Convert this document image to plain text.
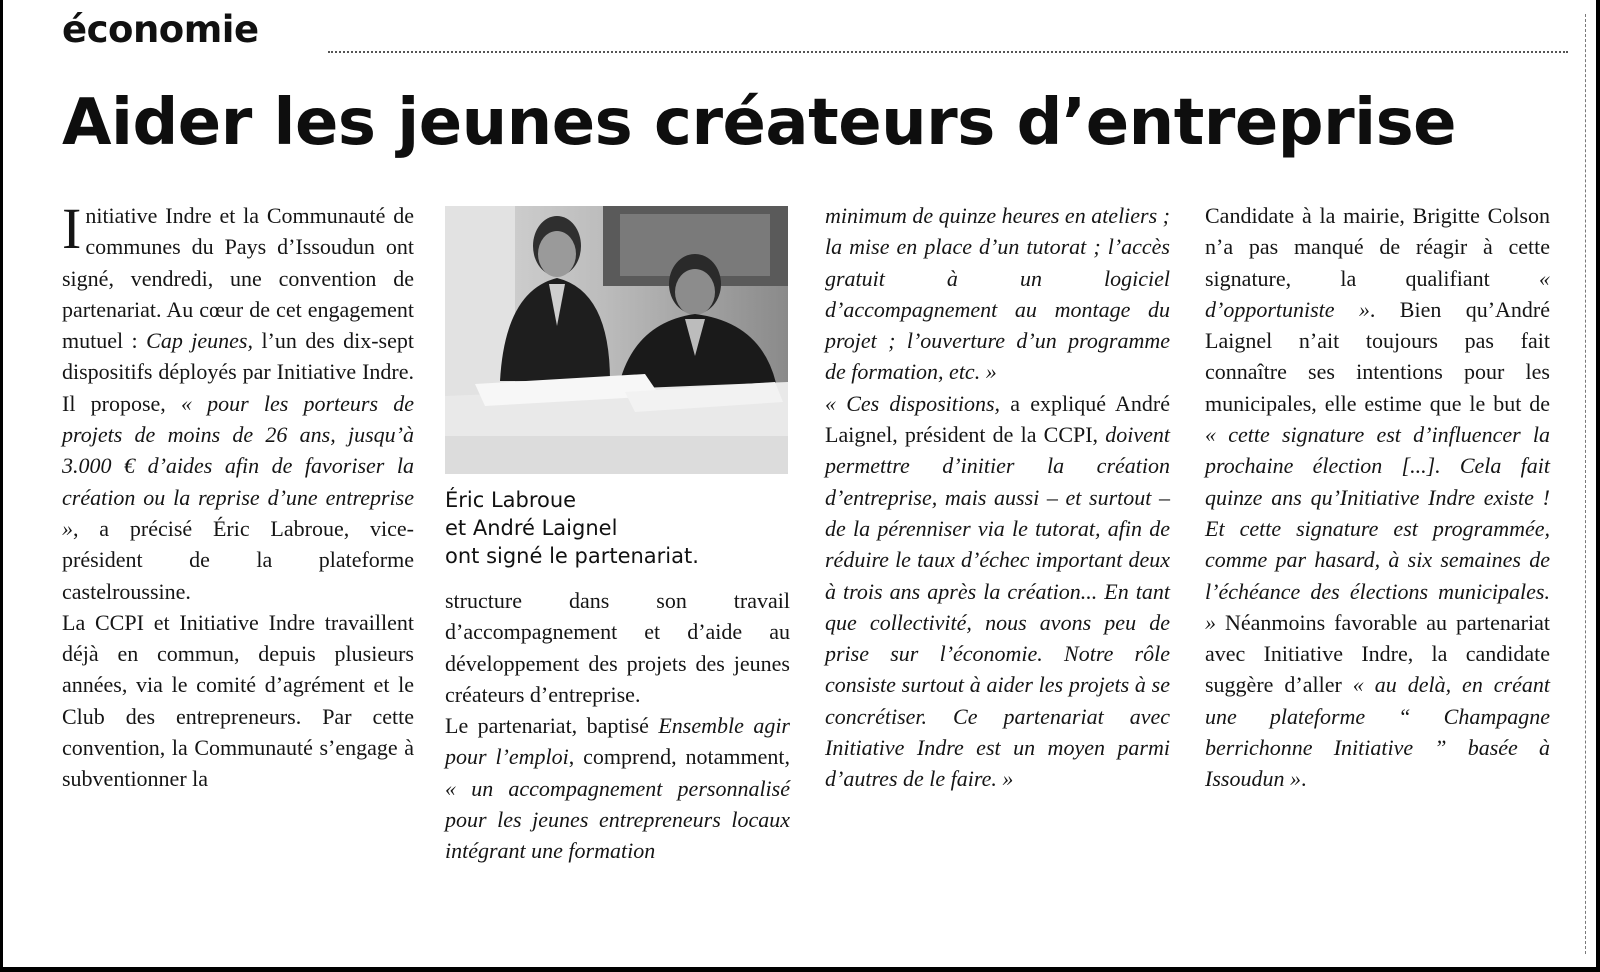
économie
Aider les jeunes créateurs d’entreprise

Initiative Indre et la Communauté de communes du Pays d’Issoudun ont signé, vendredi, une convention de partenariat. Au cœur de cet engagement mutuel : Cap jeunes, l’un des dix-sept dispositifs déployés par Initiative Indre. Il propose, « pour les porteurs de projets de moins de 26 ans, jusqu’à 3.000 € d’aides afin de favoriser la création ou la reprise d’une entreprise », a précisé Éric Labroue, vice-président de la plateforme castelroussine.

La CCPI et Initiative Indre travaillent déjà en commun, depuis plusieurs années, via le comité d’agrément et le Club des entrepreneurs. Par cette convention, la Communauté s’engage à subventionner la

Éric Labroue
et André Laignel
ont signé le partenariat.

structure dans son travail d’accompagnement et d’aide au développement des projets des jeunes créateurs d’entreprise.

Le partenariat, baptisé Ensemble agir pour l’emploi, comprend, notamment, « un accompagnement personnalisé pour les jeunes entrepreneurs locaux intégrant une formation

minimum de quinze heures en ateliers ; la mise en place d’un tutorat ; l’accès gratuit à un logiciel d’accompagnement au montage du projet ; l’ouverture d’un programme de formation, etc. »

« Ces dispositions, a expliqué André Laignel, président de la CCPI, doivent permettre d’initier la création d’entreprise, mais aussi – et surtout – de la pérenniser via le tutorat, afin de réduire le taux d’échec important deux à trois ans après la création... En tant que collectivité, nous avons peu de prise sur l’économie. Notre rôle consiste surtout à aider les projets à se concrétiser. Ce partenariat avec Initiative Indre est un moyen parmi d’autres de le faire. »

Candidate à la mairie, Brigitte Colson n’a pas manqué de réagir à cette signature, la qualifiant « d’opportuniste ». Bien qu’André Laignel n’ait toujours pas fait connaître ses intentions pour les municipales, elle estime que le but de « cette signature est d’influencer la prochaine élection [...]. Cela fait quinze ans qu’Initiative Indre existe ! Et cette signature est programmée, comme par hasard, à six semaines de l’échéance des élections municipales. » Néanmoins favorable au partenariat avec Initiative Indre, la candidate suggère d’aller « au delà, en créant une plateforme “ Champagne berrichonne Initiative ” basée à Issoudun ».
